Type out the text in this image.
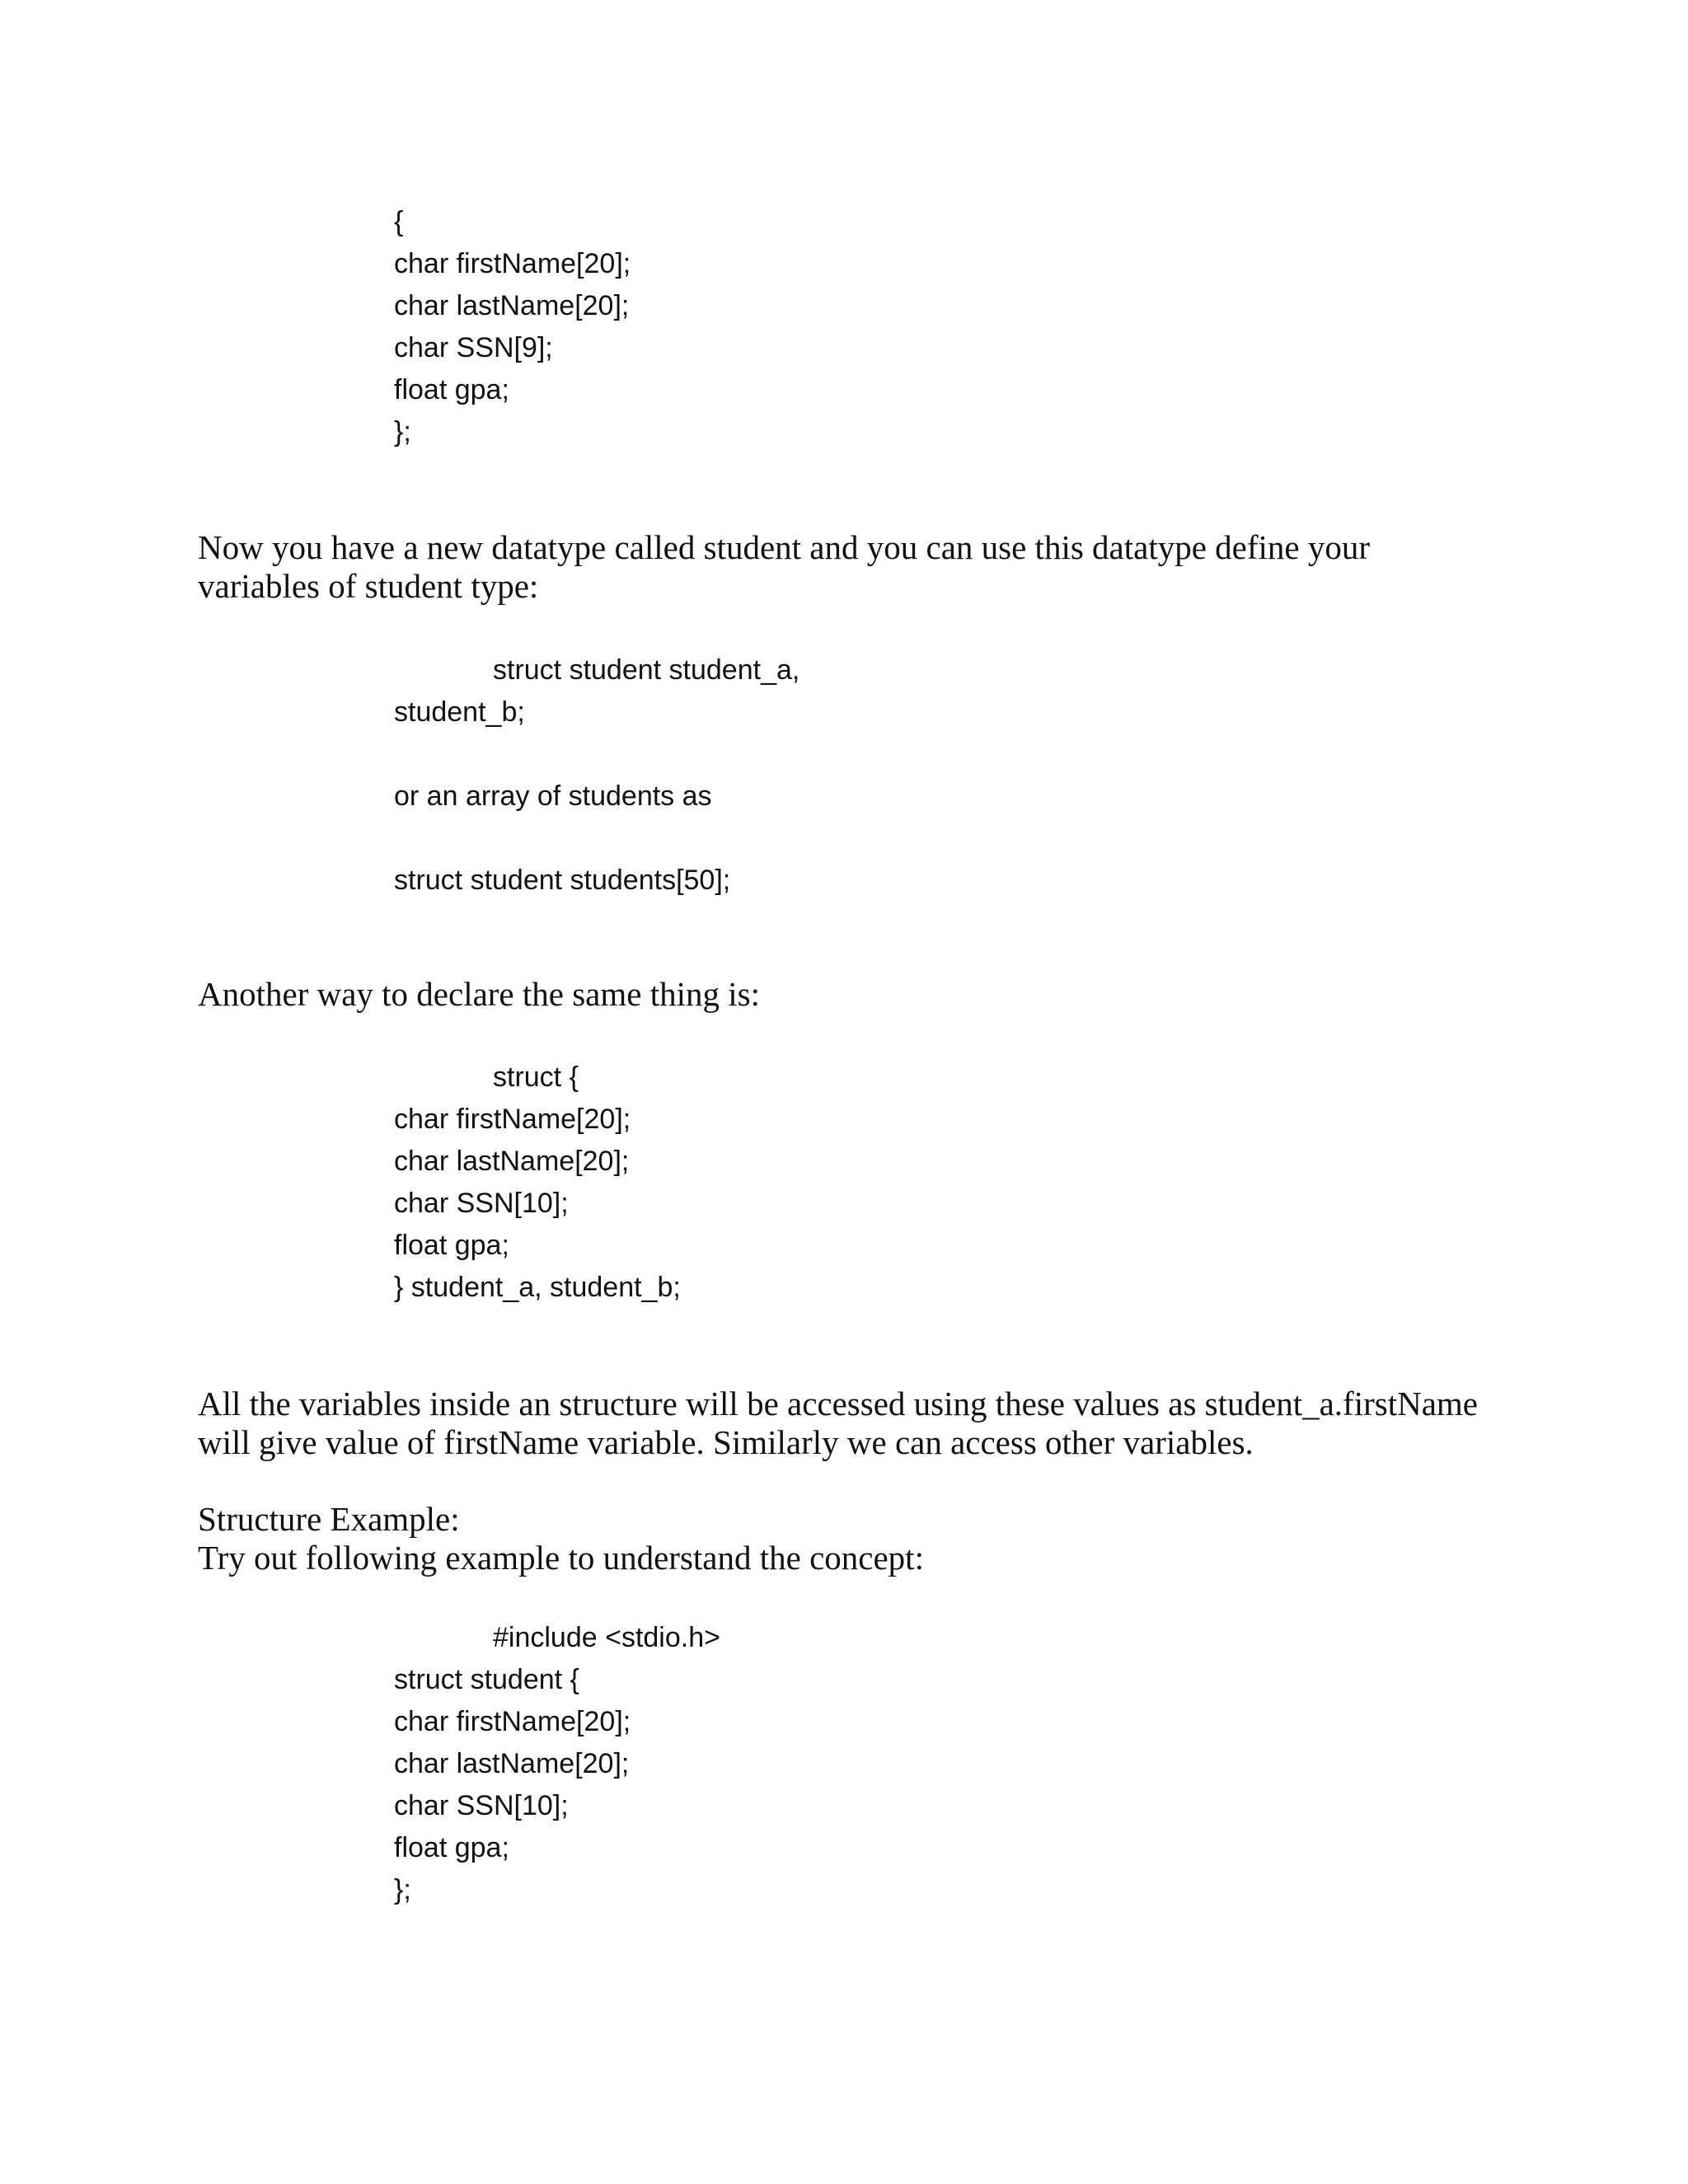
{
char firstName[20];
char lastName[20];
char SSN[9];
float gpa;
};

Now you have a new datatype called student and you can use this datatype define your variables of student type:

struct student student_a,
student_b;
or an array of students as
struct student students[50];

Another way to declare the same thing is:

struct {
char firstName[20];
char lastName[20];
char SSN[10];
float gpa;
} student_a, student_b;

All the variables inside an structure will be accessed using these values as student_a.firstName will give value of firstName variable. Similarly we can access other variables.

Structure Example:

Try out following example to understand the concept:

#include <stdio.h>
struct student {
char firstName[20];
char lastName[20];
char SSN[10];
float gpa;
};
